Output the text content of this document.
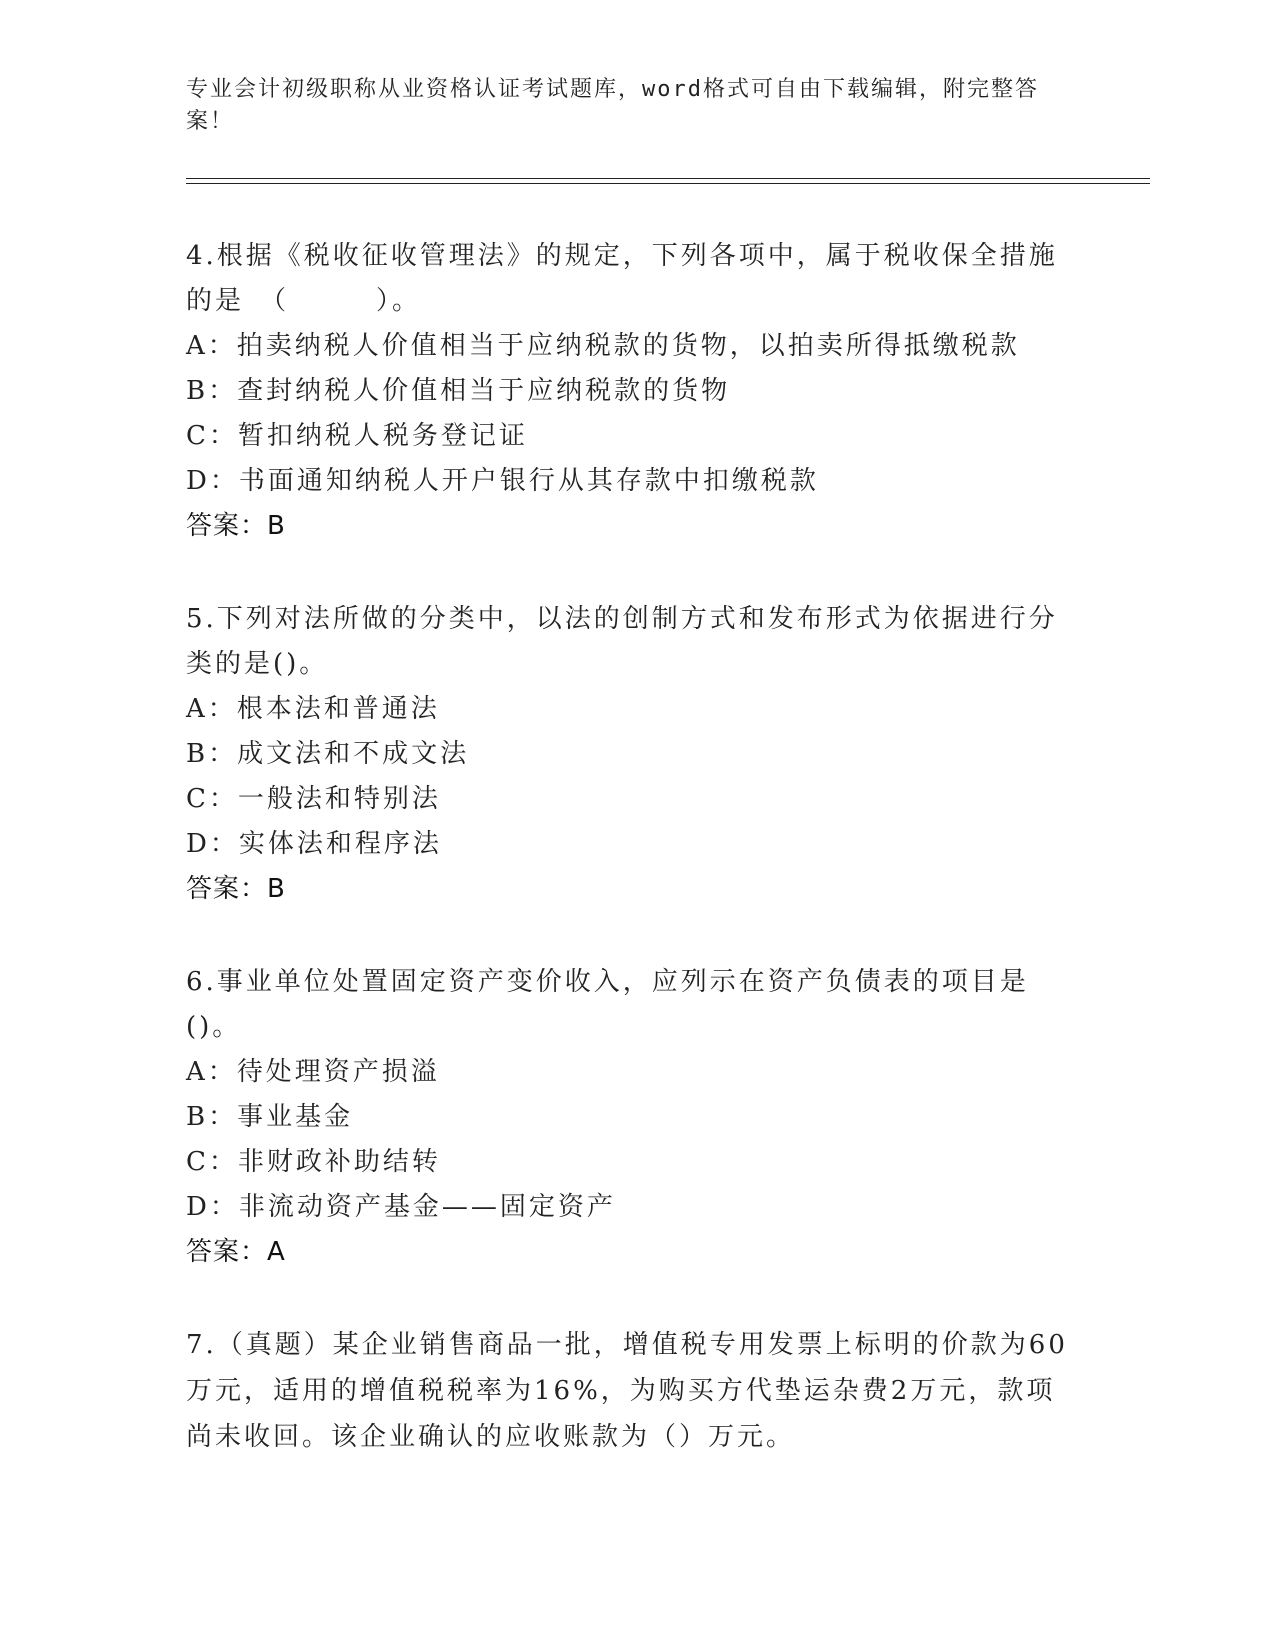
专业会计初级职称从业资格认证考试题库，word格式可自由下载编辑，附完整答案！
4.根据《税收征收管理法》的规定，下列各项中，属于税收保全措施的是　（　　　）。
A：拍卖纳税人价值相当于应纳税款的货物，以拍卖所得抵缴税款
B：查封纳税人价值相当于应纳税款的货物
C：暂扣纳税人税务登记证
D：书面通知纳税人开户银行从其存款中扣缴税款
答案：B
5.下列对法所做的分类中，以法的创制方式和发布形式为依据进行分类的是()。
A：根本法和普通法
B：成文法和不成文法
C：一般法和特别法
D：实体法和程序法
答案：B
6.事业单位处置固定资产变价收入，应列示在资产负债表的项目是()。
A：待处理资产损溢
B：事业基金
C：非财政补助结转
D：非流动资产基金——固定资产
答案：A
7.（真题）某企业销售商品一批，增值税专用发票上标明的价款为60万元，适用的增值税税率为16%，为购买方代垫运杂费2万元，款项尚未收回。该企业确认的应收账款为（）万元。
